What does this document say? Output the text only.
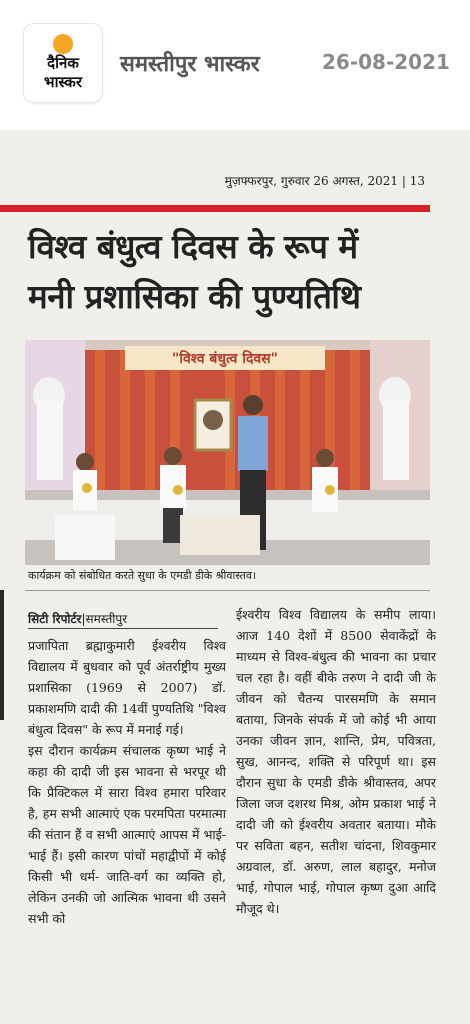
दैनिक
भास्कर
समस्तीपुर भास्कर	26-08-2021
मुज़फ्फरपुर, गुरुवार 26 अगस्त, 2021 | 13
विश्व बंधुत्व दिवस के रूप में
मनी प्रशासिका की पुण्यतिथि
"विश्व बंधुत्व दिवस"
कार्यक्रम को संबोधित करते सुधा के एमडी डीके श्रीवास्तव।
सिटी रिपोर्टर|समस्तीपुर
प्रजापिता ब्रह्माकुमारी ईश्वरीय विश्व विद्यालय में बुधवार को पूर्व अंतर्राष्ट्रीय मुख्य प्रशासिका (1969 से 2007) डॉ. प्रकाशमणि दादी की 14वीं पुण्यतिथि "विश्व बंधुत्व दिवस" के रूप में मनाई गई।
इस दौरान कार्यक्रम संचालक कृष्ण भाई ने कहा की दादी जी इस भावना से भरपूर थी कि प्रैक्टिकल में सारा विश्व हमारा परिवार है, हम सभी आत्माएं एक परमपिता परमात्मा की संतान हैं व सभी आत्माएं आपस में भाई-भाई हैं। इसी कारण पांचों महाद्वीपों में कोई किसी भी धर्म- जाति-वर्ग का व्यक्ति हो, लेकिन उनकी जो आत्मिक भावना थी उसने सभी को
ईश्वरीय विश्व विद्यालय के समीप लाया। आज 140 देशों में 8500 सेवाकेंद्रों के माध्यम से विश्व-बंधुत्व की भावना का प्रचार चल रहा है। वहीं बीके तरुण ने दादी जी के जीवन को चैतन्य पारसमणि के समान बताया, जिनके संपर्क में जो कोई भी आया उनका जीवन ज्ञान, शान्ति, प्रेम, पवित्रता, सुख, आनन्द, शक्ति से परिपूर्ण था। इस दौरान सुधा के एमडी डीके श्रीवास्तव, अपर जिला जज दशरथ मिश्र, ओम प्रकाश भाई ने दादी जी को ईश्वरीय अवतार बताया। मौके पर सविता बहन, सतीश चांदना, शिवकुमार अग्रवाल, डॉ. अरुण, लाल बहादुर, मनोज भाई, गोपाल भाई, गोपाल कृष्ण दुआ आदि मौजूद थे।
